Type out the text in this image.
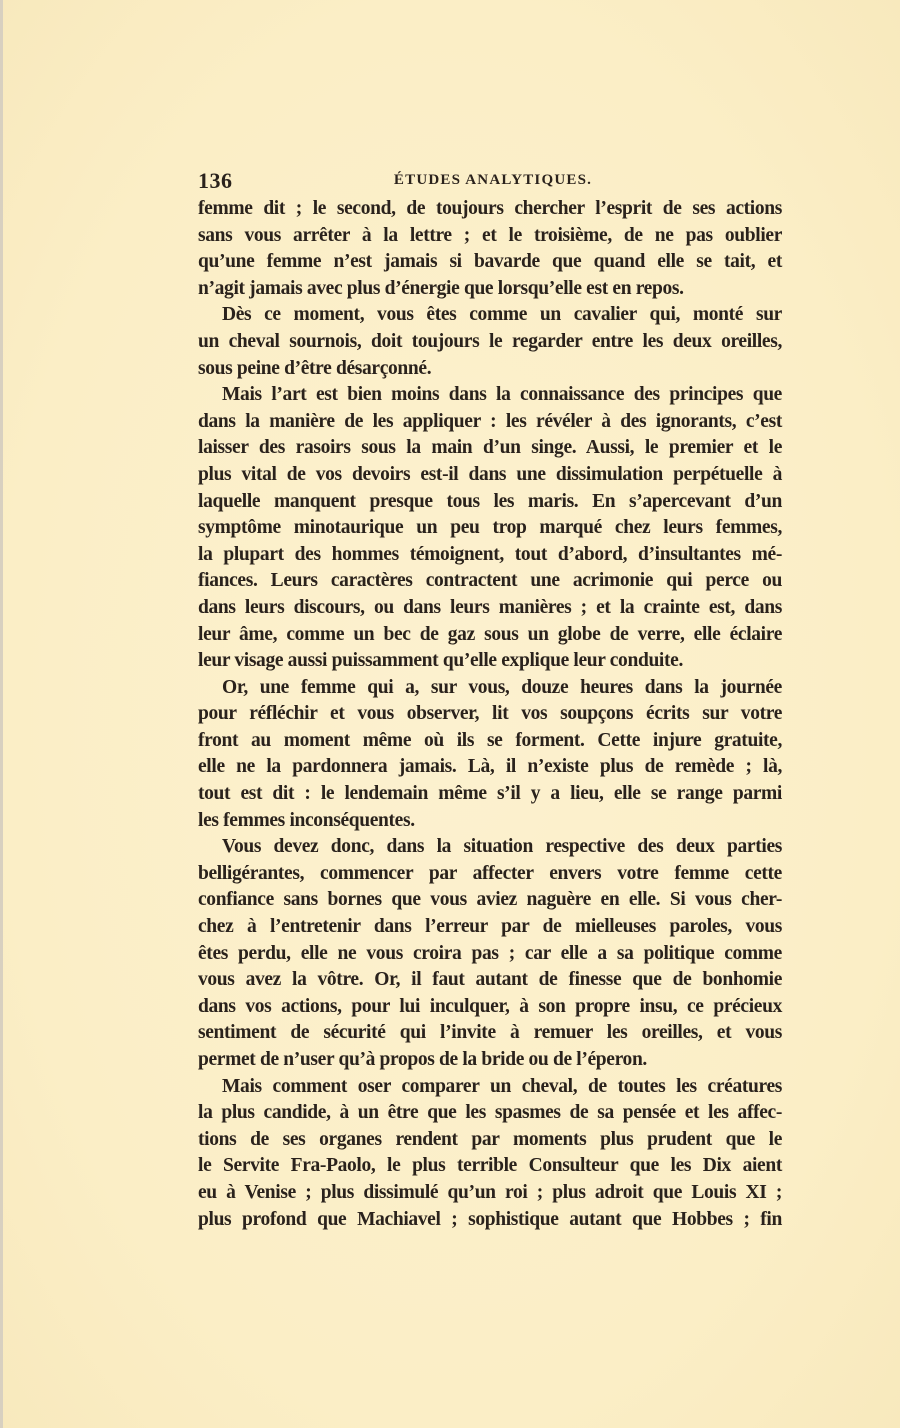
136	ÉTUDES ANALYTIQUES.
femme dit ; le second, de toujours chercher l’esprit de ses actions
sans vous arrêter à la lettre ; et le troisième, de ne pas oublier
qu’une femme n’est jamais si bavarde que quand elle se tait, et
n’agit jamais avec plus d’énergie que lorsqu’elle est en repos.
Dès ce moment, vous êtes comme un cavalier qui, monté sur
un cheval sournois, doit toujours le regarder entre les deux oreilles,
sous peine d’être désarçonné.
Mais l’art est bien moins dans la connaissance des principes que
dans la manière de les appliquer : les révéler à des ignorants, c’est
laisser des rasoirs sous la main d’un singe. Aussi, le premier et le
plus vital de vos devoirs est-il dans une dissimulation perpétuelle à
laquelle manquent presque tous les maris. En s’apercevant d’un
symptôme minotaurique un peu trop marqué chez leurs femmes,
la plupart des hommes témoignent, tout d’abord, d’insultantes mé-
fiances. Leurs caractères contractent une acrimonie qui perce ou
dans leurs discours, ou dans leurs manières ; et la crainte est, dans
leur âme, comme un bec de gaz sous un globe de verre, elle éclaire
leur visage aussi puissamment qu’elle explique leur conduite.
Or, une femme qui a, sur vous, douze heures dans la journée
pour réfléchir et vous observer, lit vos soupçons écrits sur votre
front au moment même où ils se forment. Cette injure gratuite,
elle ne la pardonnera jamais. Là, il n’existe plus de remède ; là,
tout est dit : le lendemain même s’il y a lieu, elle se range parmi
les femmes inconséquentes.
Vous devez donc, dans la situation respective des deux parties
belligérantes, commencer par affecter envers votre femme cette
confiance sans bornes que vous aviez naguère en elle. Si vous cher-
chez à l’entretenir dans l’erreur par de mielleuses paroles, vous
êtes perdu, elle ne vous croira pas ; car elle a sa politique comme
vous avez la vôtre. Or, il faut autant de finesse que de bonhomie
dans vos actions, pour lui inculquer, à son propre insu, ce précieux
sentiment de sécurité qui l’invite à remuer les oreilles, et vous
permet de n’user qu’à propos de la bride ou de l’éperon.
Mais comment oser comparer un cheval, de toutes les créatures
la plus candide, à un être que les spasmes de sa pensée et les affec-
tions de ses organes rendent par moments plus prudent que le
le Servite Fra-Paolo, le plus terrible Consulteur que les Dix aient
eu à Venise ; plus dissimulé qu’un roi ; plus adroit que Louis XI ;
plus profond que Machiavel ; sophistique autant que Hobbes ; fin
